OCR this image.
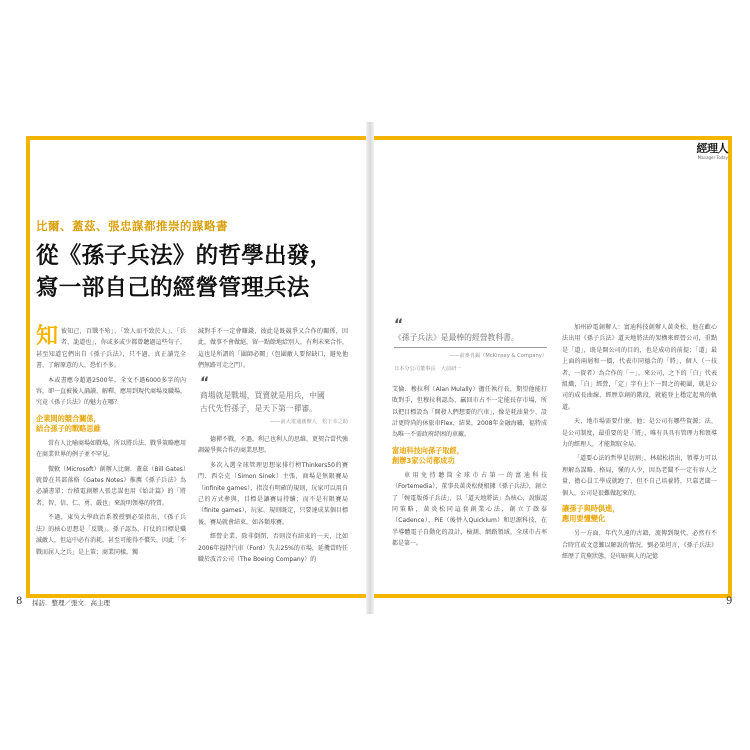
比爾、蓋茲、張忠謀都推崇的謀略書
從《孫子兵法》的哲學出發，
寫一部自己的經營管理兵法

知彼知己，百戰不殆」、「致人而不致於人」、「兵者，詭道也」，你或多或少都曾聽過這些句子，甚至知道它們出自《孫子兵法》，只不過，真正讀完全書、了解原意的人，恐怕不多。

本或書應今超過2500年，全文不過6000多字的內容，卻一直被後人誦讀、解釋，應用到現代商場及職場，究竟《孫子兵法》的魅力在哪？

企業間的競合關係，
結合孫子的戰略思維

常有人比喻商場如戰場，所以將兵法、戰爭策略應用在商業世界的例子並不罕見。

微軟（Microsoft）創辦人比爾．蓋茲（Bill Gates）就曾在其部落格《Gates Notes》推薦《孫子兵法》為必讀書單；台積電創辦人張忠謀也用《始計篇》的「將者，智、信、仁、勇、嚴也」來說明領導的特質。

不過，東吳大學政治系教授劉必榮指出，《孫子兵法》的核心思想是「反戰」。孫子認為，打仗的目標是殲滅敵人，但這中必有消耗，甚至可能得不償失，因此「不戰而屈人之兵」是上策；商業同樣，獨

減對手不一定會賺錢，彼此是既競爭又合作的關係，因此，做事不會做絕，留一點餘地給別人，有利未來合作，這也是所謂的「圍師必闕」（包圍敵人要留缺口，避免他們無路可走之門）。

“
商場就是戰場，買賣就是用兵，中國
古代先哲孫子，是天下第一禪審。
——前大電通創辦人　松下幸之助

德禪不戰，不過，利己也利人的思維，更契合當代強調競爭與合作的商業思想。

多次入選全球管理思想家排行榜Thinkers50的賽門．西奈克（Simon Sinek）主張，商場是無限賽局（infinite games），指沒有明確的規則，玩家可以用自己的方式參與，目標是讓賽局持續；而不是有限賽局（finite games），玩家、規則既定，只要達成某個目標後，賽局就會結束，如各類球賽。

經營企業，除非倒閉，否則沒有結束的一天，比如2006年福特汽車（Ford）失去25%的市場，延攬當時任職於波音公司（The Boeing Company）的

8 採訪．整理／張文．高主理
經理人
Manager Today
“
《孫子兵法》是最棒的經營教科書。
——前麥肯錫（McKinsey & Company）
日本分公司董事長　大前研一

艾倫．穆拉利（Alan Mulally）擔任執行長，期望他能打敗對手，但穆拉利認為，贏回市占不一定能長存市場，所以把目標設為「開發人們想要的汽車」，像是耗油量少、設計更時尚的休旅車Flex，結果，2008年金融海嘯，福特成為唯一不需政府紓困的車廠。

富迪科技向孫子取經，
創辦3家公司都成功

車用免持聽筒全球市占第一的富迪科技（Fortemedia），董事長黃炎松便根據《孫子兵法》，創立了「婉電版孫子兵法」，以「道天地將法」為核心，說服認同策略，黃炎松同這套創業心法，創立了啟泰（Cadence）、PiE（後併入Quicklum）和思源科技，在半導體電子自動化的設計、檢測、網路領域，全球市占率都是第一。

加州矽電創辦人：富迪科技創辦人黃炎松，他在歡心法出用《孫子兵法》道天地將法的架構來經營公司，重點是「道」，既是開公司的目的，也是成功的前提；「道」最上面的兩層和一價，代表市同德合的「將」，個人（一技者，一資者）為合作的「一」，來公司，之下的「白」代表組織，「白」經營，「定」字有上下一間之的範圍，就是公司的成長曲線，經歷草創的階段，就能登上穩定起飛的軌道。

天、地市場需要什麼，他；是公司有哪些資源；法，是公司制度，最重要的是「將」，唯有具具有管理力和領導力的經理人，才能駕馭全局。

「道要心法的哲學是切割」，林瑞松指出，領導力可以理解為謀略、格局，懂的人少，因為老闆不一定有容人之量，擔心員工學成就跑了，但不自己培養將，只靠老闆一個人，公司是很難做起來的。

讓孫子與時俱進，
應用要懂變化

另一方面，年代久遠的古籍，流傳到現代，必然有不合時宜或文意難以解說的情況，劉必榮坦言，《孫子兵法》經歷了荒蕪狀態，是印暗與人的記憶

9
